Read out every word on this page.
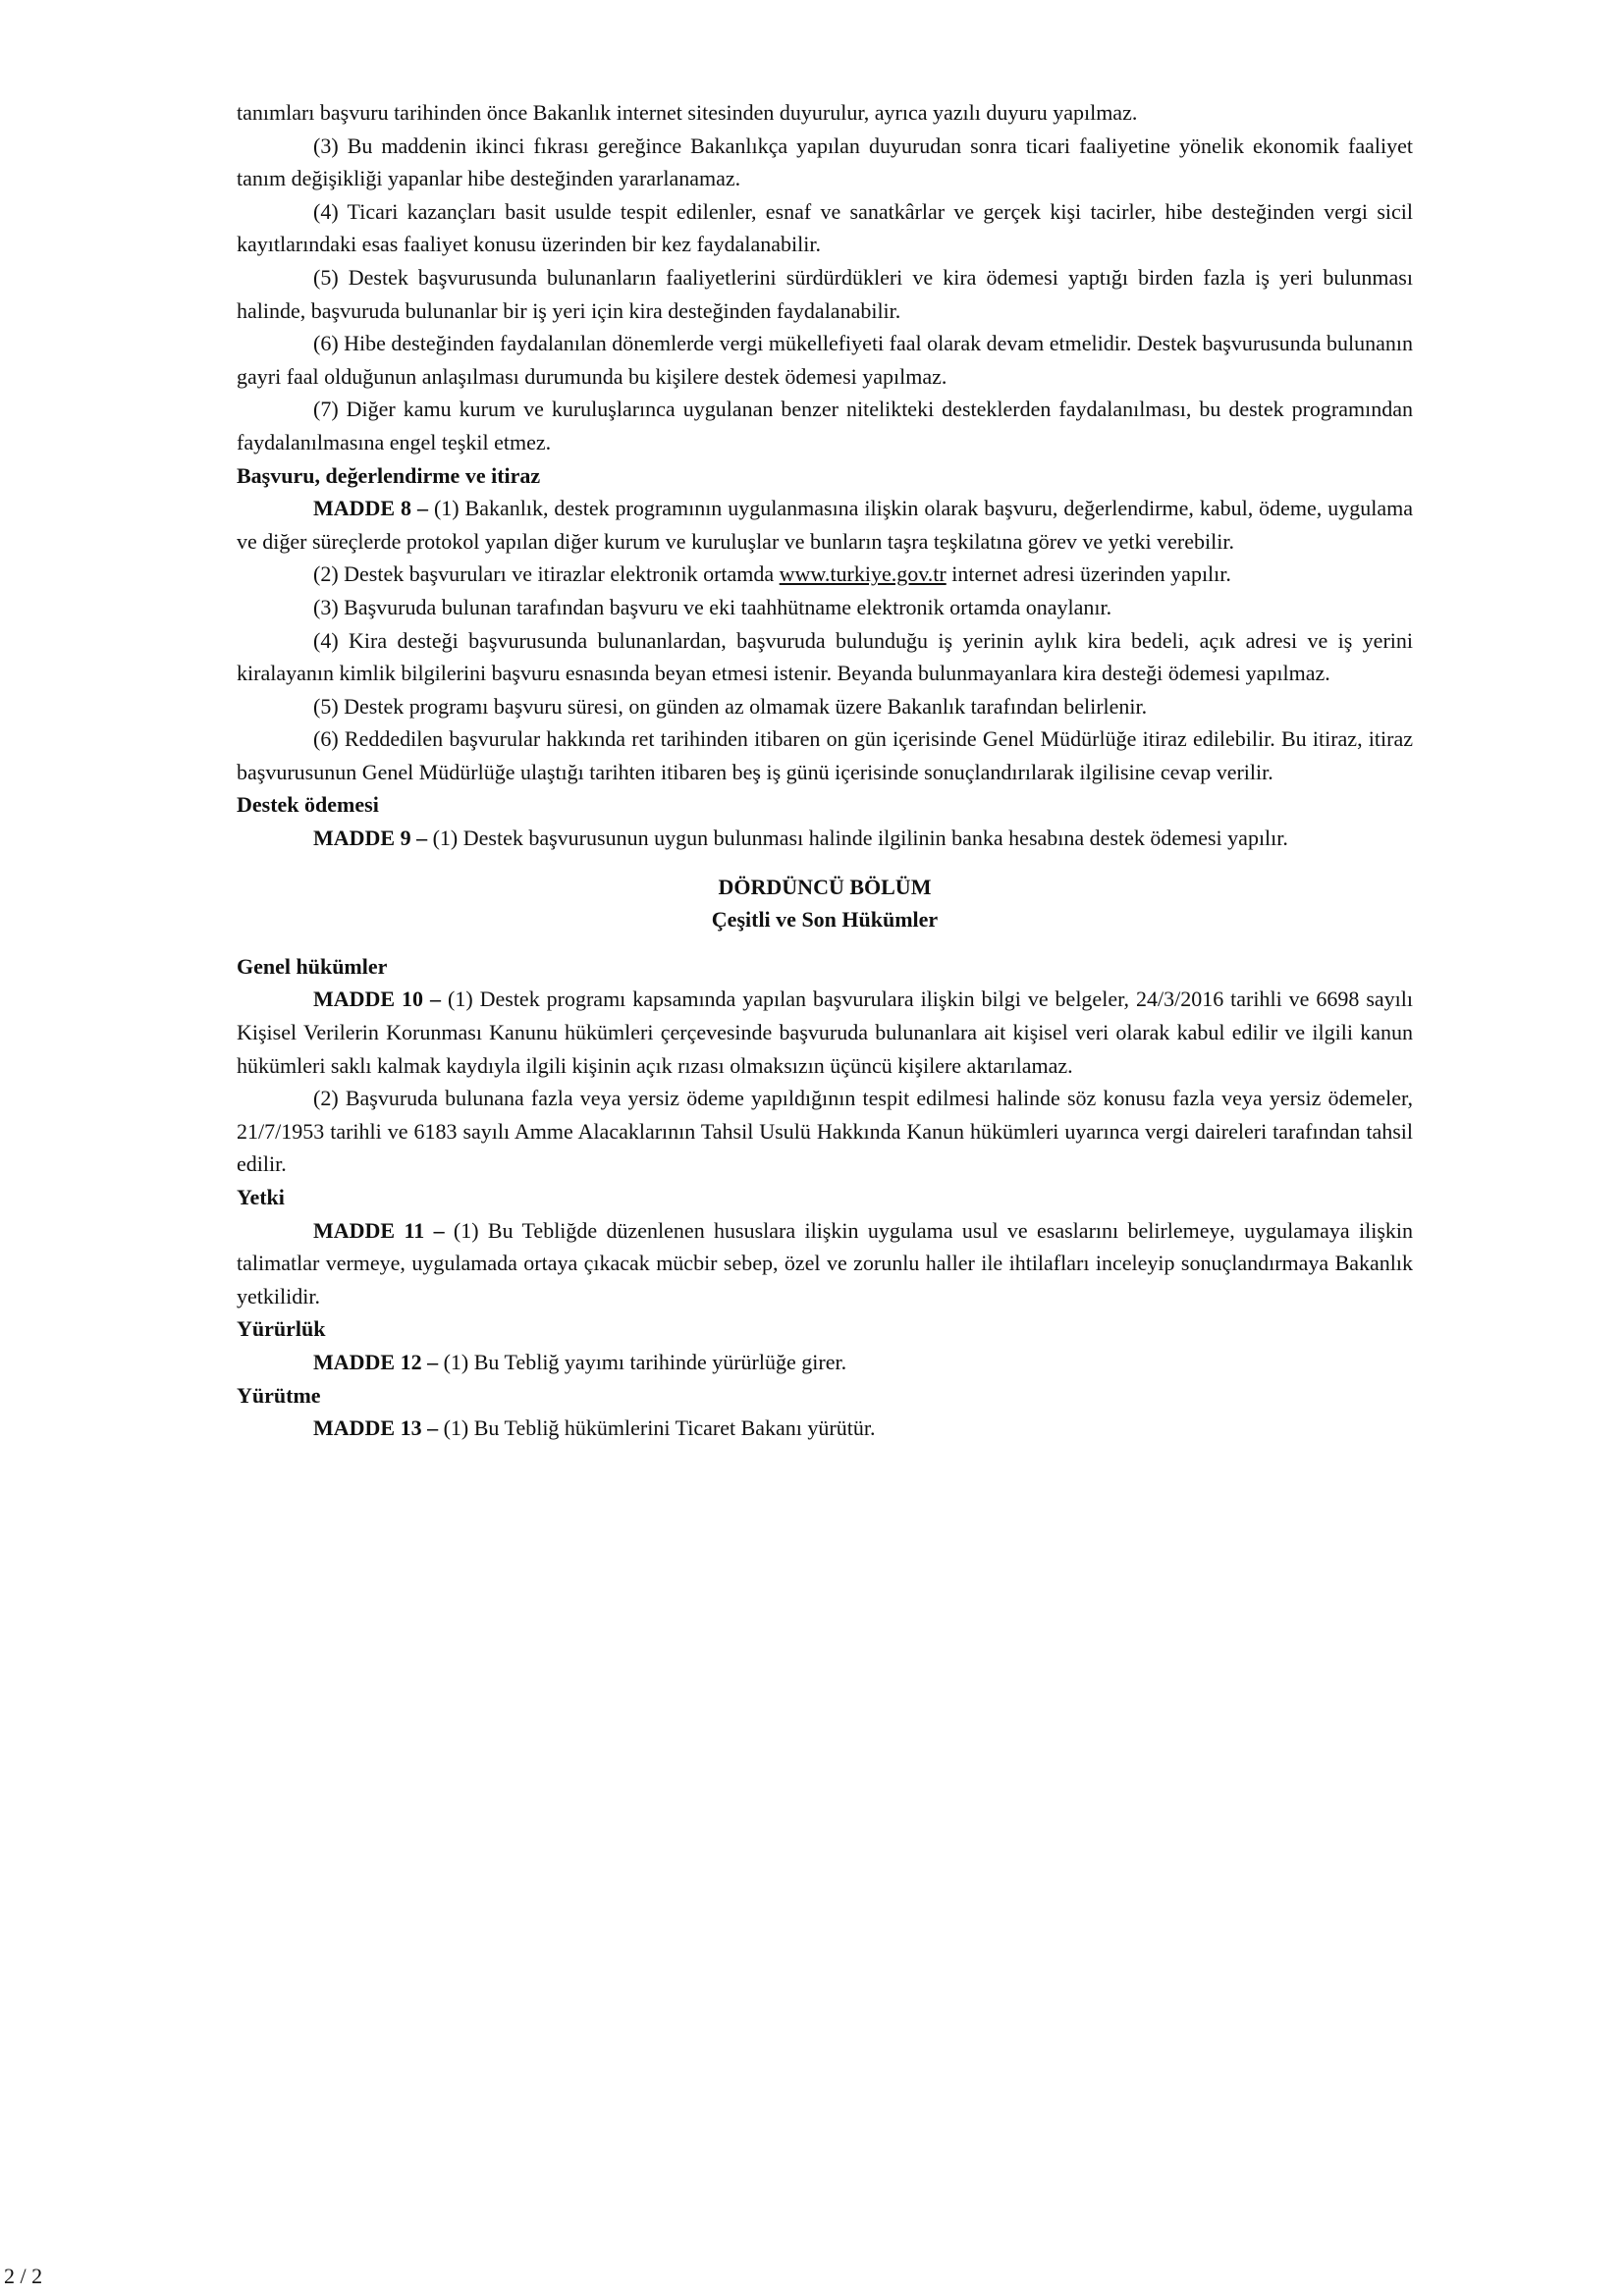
tanımları başvuru tarihinden önce Bakanlık internet sitesinden duyurulur, ayrıca yazılı duyuru yapılmaz.

(3) Bu maddenin ikinci fıkrası gereğince Bakanlıkça yapılan duyurudan sonra ticari faaliyetine yönelik ekonomik faaliyet tanım değişikliği yapanlar hibe desteğinden yararlanamaz.

(4) Ticari kazançları basit usulde tespit edilenler, esnaf ve sanatkârlar ve gerçek kişi tacirler, hibe desteğinden vergi sicil kayıtlarındaki esas faaliyet konusu üzerinden bir kez faydalanabilir.

(5) Destek başvurusunda bulunanların faaliyetlerini sürdürdükleri ve kira ödemesi yaptığı birden fazla iş yeri bulunması halinde, başvuruda bulunanlar bir iş yeri için kira desteğinden faydalanabilir.

(6) Hibe desteğinden faydalanılan dönemlerde vergi mükellefiyeti faal olarak devam etmelidir. Destek başvurusunda bulunanın gayri faal olduğunun anlaşılması durumunda bu kişilere destek ödemesi yapılmaz.

(7) Diğer kamu kurum ve kuruluşlarınca uygulanan benzer nitelikteki desteklerden faydalanılması, bu destek programından faydalanılmasına engel teşkil etmez.

Başvuru, değerlendirme ve itiraz

MADDE 8 – (1) Bakanlık, destek programının uygulanmasına ilişkin olarak başvuru, değerlendirme, kabul, ödeme, uygulama ve diğer süreçlerde protokol yapılan diğer kurum ve kuruluşlar ve bunların taşra teşkilatına görev ve yetki verebilir.

(2) Destek başvuruları ve itirazlar elektronik ortamda www.turkiye.gov.tr internet adresi üzerinden yapılır.

(3) Başvuruda bulunan tarafından başvuru ve eki taahhütname elektronik ortamda onaylanır.

(4) Kira desteği başvurusunda bulunanlardan, başvuruda bulunduğu iş yerinin aylık kira bedeli, açık adresi ve iş yerini kiralayanın kimlik bilgilerini başvuru esnasında beyan etmesi istenir. Beyanda bulunmayanlara kira desteği ödemesi yapılmaz.

(5) Destek programı başvuru süresi, on günden az olmamak üzere Bakanlık tarafından belirlenir.

(6) Reddedilen başvurular hakkında ret tarihinden itibaren on gün içerisinde Genel Müdürlüğe itiraz edilebilir. Bu itiraz, itiraz başvurusunun Genel Müdürlüğe ulaştığı tarihten itibaren beş iş günü içerisinde sonuçlandırılarak ilgilisine cevap verilir.

Destek ödemesi

MADDE 9 – (1) Destek başvurusunun uygun bulunması halinde ilgilinin banka hesabına destek ödemesi yapılır.

DÖRDÜNCÜ BÖLÜM

Çeşitli ve Son Hükümler

Genel hükümler

MADDE 10 – (1) Destek programı kapsamında yapılan başvurulara ilişkin bilgi ve belgeler, 24/3/2016 tarihli ve 6698 sayılı Kişisel Verilerin Korunması Kanunu hükümleri çerçevesinde başvuruda bulunanlara ait kişisel veri olarak kabul edilir ve ilgili kanun hükümleri saklı kalmak kaydıyla ilgili kişinin açık rızası olmaksızın üçüncü kişilere aktarılamaz.

(2) Başvuruda bulunana fazla veya yersiz ödeme yapıldığının tespit edilmesi halinde söz konusu fazla veya yersiz ödemeler, 21/7/1953 tarihli ve 6183 sayılı Amme Alacaklarının Tahsil Usulü Hakkında Kanun hükümleri uyarınca vergi daireleri tarafından tahsil edilir.

Yetki

MADDE 11 – (1) Bu Tebliğde düzenlenen hususlara ilişkin uygulama usul ve esaslarını belirlemeye, uygulamaya ilişkin talimatlar vermeye, uygulamada ortaya çıkacak mücbir sebep, özel ve zorunlu haller ile ihtilafları inceleyip sonuçlandırmaya Bakanlık yetkilidir.

Yürürlük

MADDE 12 – (1) Bu Tebliğ yayımı tarihinde yürürlüğe girer.

Yürütme

MADDE 13 – (1) Bu Tebliğ hükümlerini Ticaret Bakanı yürütür.

2 / 2
